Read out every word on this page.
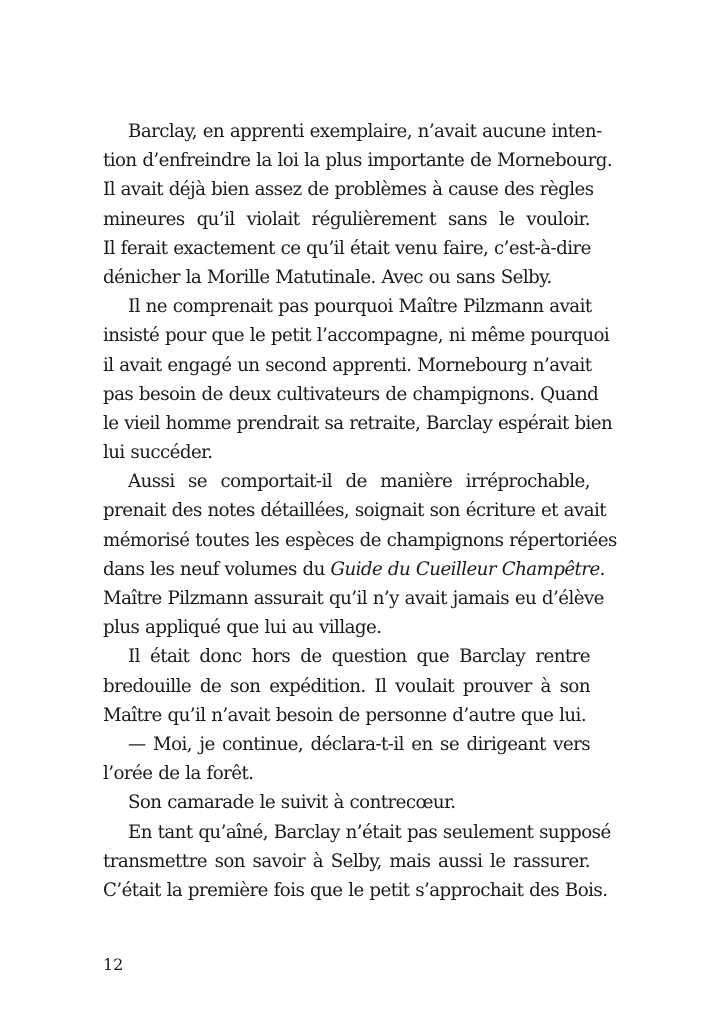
Barclay, en apprenti exemplaire, n’avait aucune inten-
tion d’enfreindre la loi la plus importante de Mornebourg.
Il avait déjà bien assez de problèmes à cause des règles
mineures qu’il violait régulièrement sans le vouloir.
Il ferait exactement ce qu’il était venu faire, c’est-à-dire
dénicher la Morille Matutinale. Avec ou sans Selby.
Il ne comprenait pas pourquoi Maître Pilzmann avait
insisté pour que le petit l’accompagne, ni même pourquoi
il avait engagé un second apprenti. Mornebourg n’avait
pas besoin de deux cultivateurs de champignons. Quand
le vieil homme prendrait sa retraite, Barclay espérait bien
lui succéder.
Aussi se comportait-il de manière irréprochable,
prenait des notes détaillées, soignait son écriture et avait
mémorisé toutes les espèces de champignons répertoriées
dans les neuf volumes du Guide du Cueilleur Champêtre.
Maître Pilzmann assurait qu’il n’y avait jamais eu d’élève
plus appliqué que lui au village.
Il était donc hors de question que Barclay rentre
bredouille de son expédition. Il voulait prouver à son
Maître qu’il n’avait besoin de personne d’autre que lui.
— Moi, je continue, déclara-t-il en se dirigeant vers
l’orée de la forêt.
Son camarade le suivit à contrecœur.
En tant qu’aîné, Barclay n’était pas seulement supposé
transmettre son savoir à Selby, mais aussi le rassurer.
C’était la première fois que le petit s’approchait des Bois.
12
